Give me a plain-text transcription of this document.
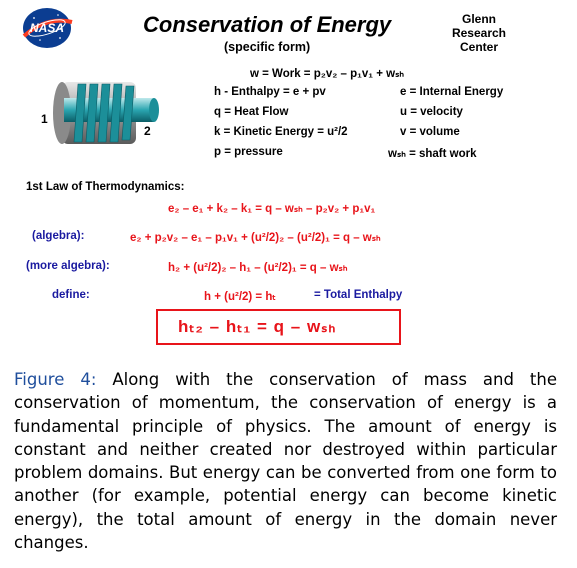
NASA	Conservation of Energy
(specific form)
Glenn Research Center
1
2
w = Work = p₂v₂ – p₁v₁ + wₛₕ
h - Enthalpy = e + pv
q = Heat Flow
k = Kinetic Energy = u²/2
p = pressure
e = Internal Energy
u = velocity
v = volume
wₛₕ = shaft work
1st Law of Thermodynamics:
e₂ – e₁ + k₂ – k₁ = q – wₛₕ – p₂v₂ + p₁v₁
(algebra):	e₂ + p₂v₂ – e₁ – p₁v₁ + (u²/2)₂ – (u²/2)₁ = q – wₛₕ
(more algebra):	h₂ + (u²/2)₂ – h₁ – (u²/2)₁ = q – wₛₕ
define:	h + (u²/2) = hₜ	= Total Enthalpy
hₜ₂ – hₜ₁ = q – wₛₕ
Figure 4: Along with the conservation of mass and the conservation of momentum, the conservation of energy is a fundamental principle of physics. The amount of energy is constant and neither created nor destroyed within particular problem domains. But energy can be converted from one form to another (for example, potential energy can become kinetic energy), the total amount of energy in the domain never changes.
